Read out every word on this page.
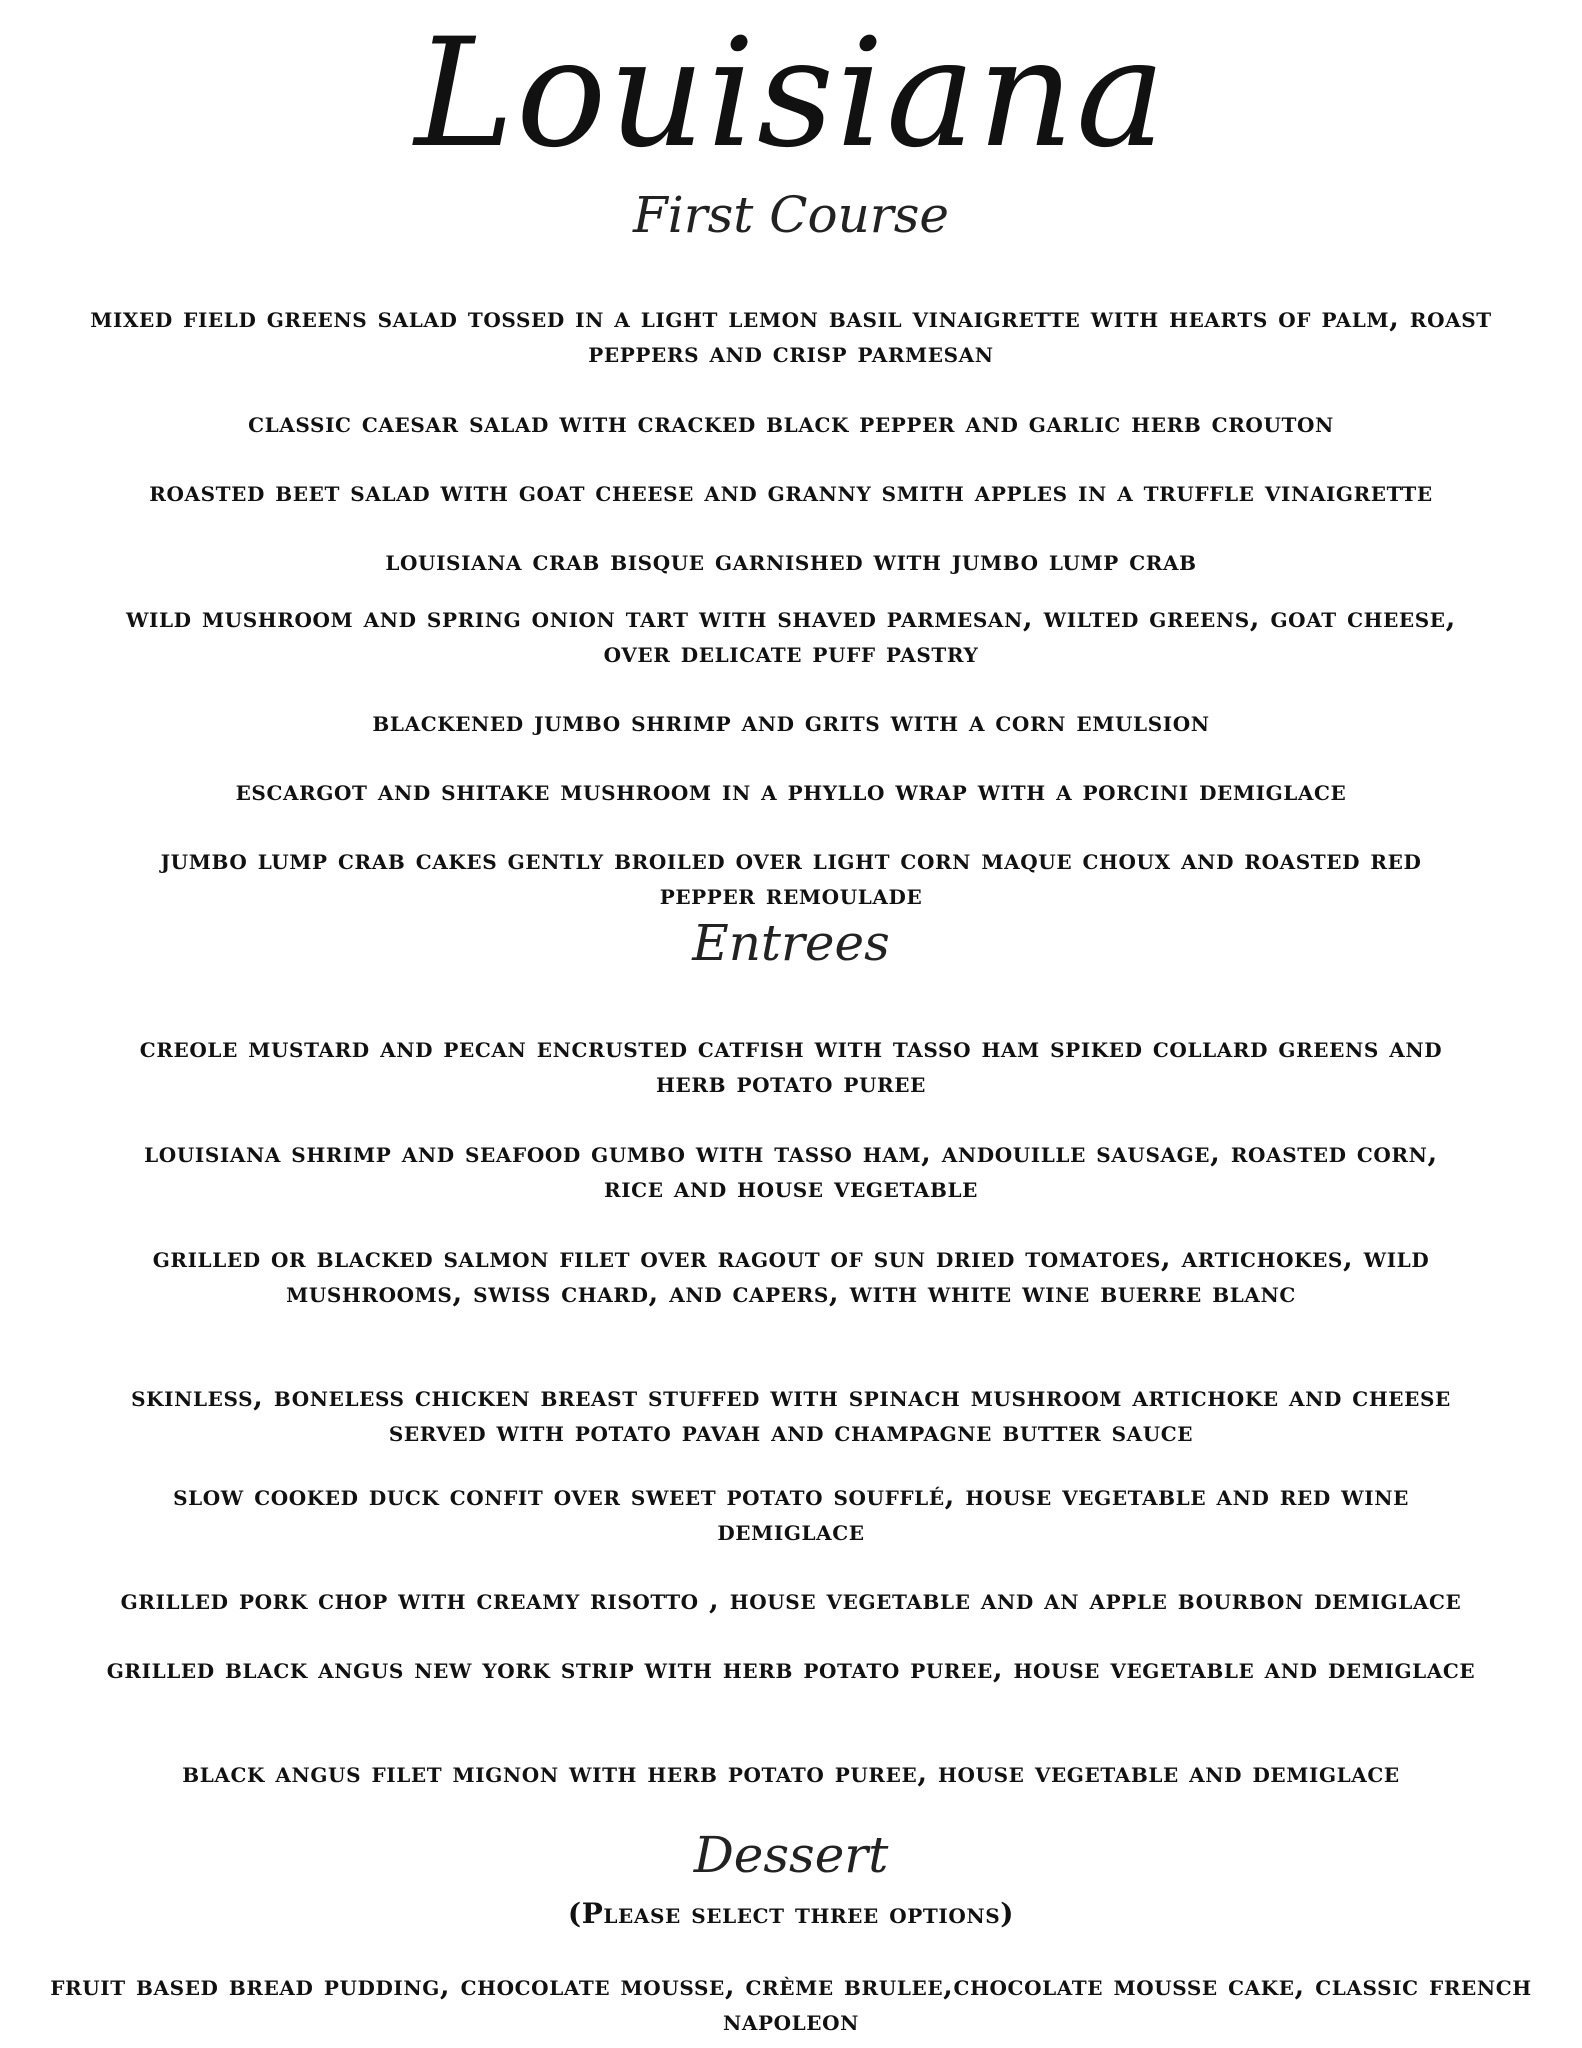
Louisiana
First Course
mixed field greens salad tossed in a light lemon basil vinaigrette with hearts of palm, roast peppers and crisp parmesan
classic caesar salad with cracked black pepper and garlic herb crouton
roasted beet salad with goat cheese and granny smith apples in a truffle vinaigrette
louisiana crab bisque garnished with jumbo lump crab
wild mushroom and spring onion tart with shaved parmesan, wilted greens, goat cheese, over delicate puff pastry
blackened jumbo shrimp and grits with a corn emulsion
escargot and shitake mushroom in a phyllo wrap with a porcini demiglace
jumbo lump crab cakes gently broiled over light corn maque choux and roasted red pepper remoulade
Entrees
creole mustard and pecan encrusted catfish with tasso ham spiked collard greens and herb potato puree
louisiana shrimp and seafood gumbo with tasso ham, andouille sausage, roasted corn, rice and house vegetable
grilled or blacked salmon filet over ragout of sun dried tomatoes, artichokes, wild mushrooms, swiss chard, and capers, with white wine buerre blanc
skinless, boneless chicken breast stuffed with spinach mushroom artichoke and cheese served with potato pavah and champagne butter sauce
slow cooked duck confit over sweet potato soufflé, house vegetable and red wine demiglace
grilled pork chop with creamy risotto , house vegetable and an apple bourbon demiglace
grilled black angus new york strip with herb potato puree, house vegetable and demiglace
black angus filet mignon with herb potato puree, house vegetable and demiglace
Dessert
(Please select three options)
fruit based bread pudding, chocolate mousse, crème brulee,chocolate mousse cake, classic french napoleon
